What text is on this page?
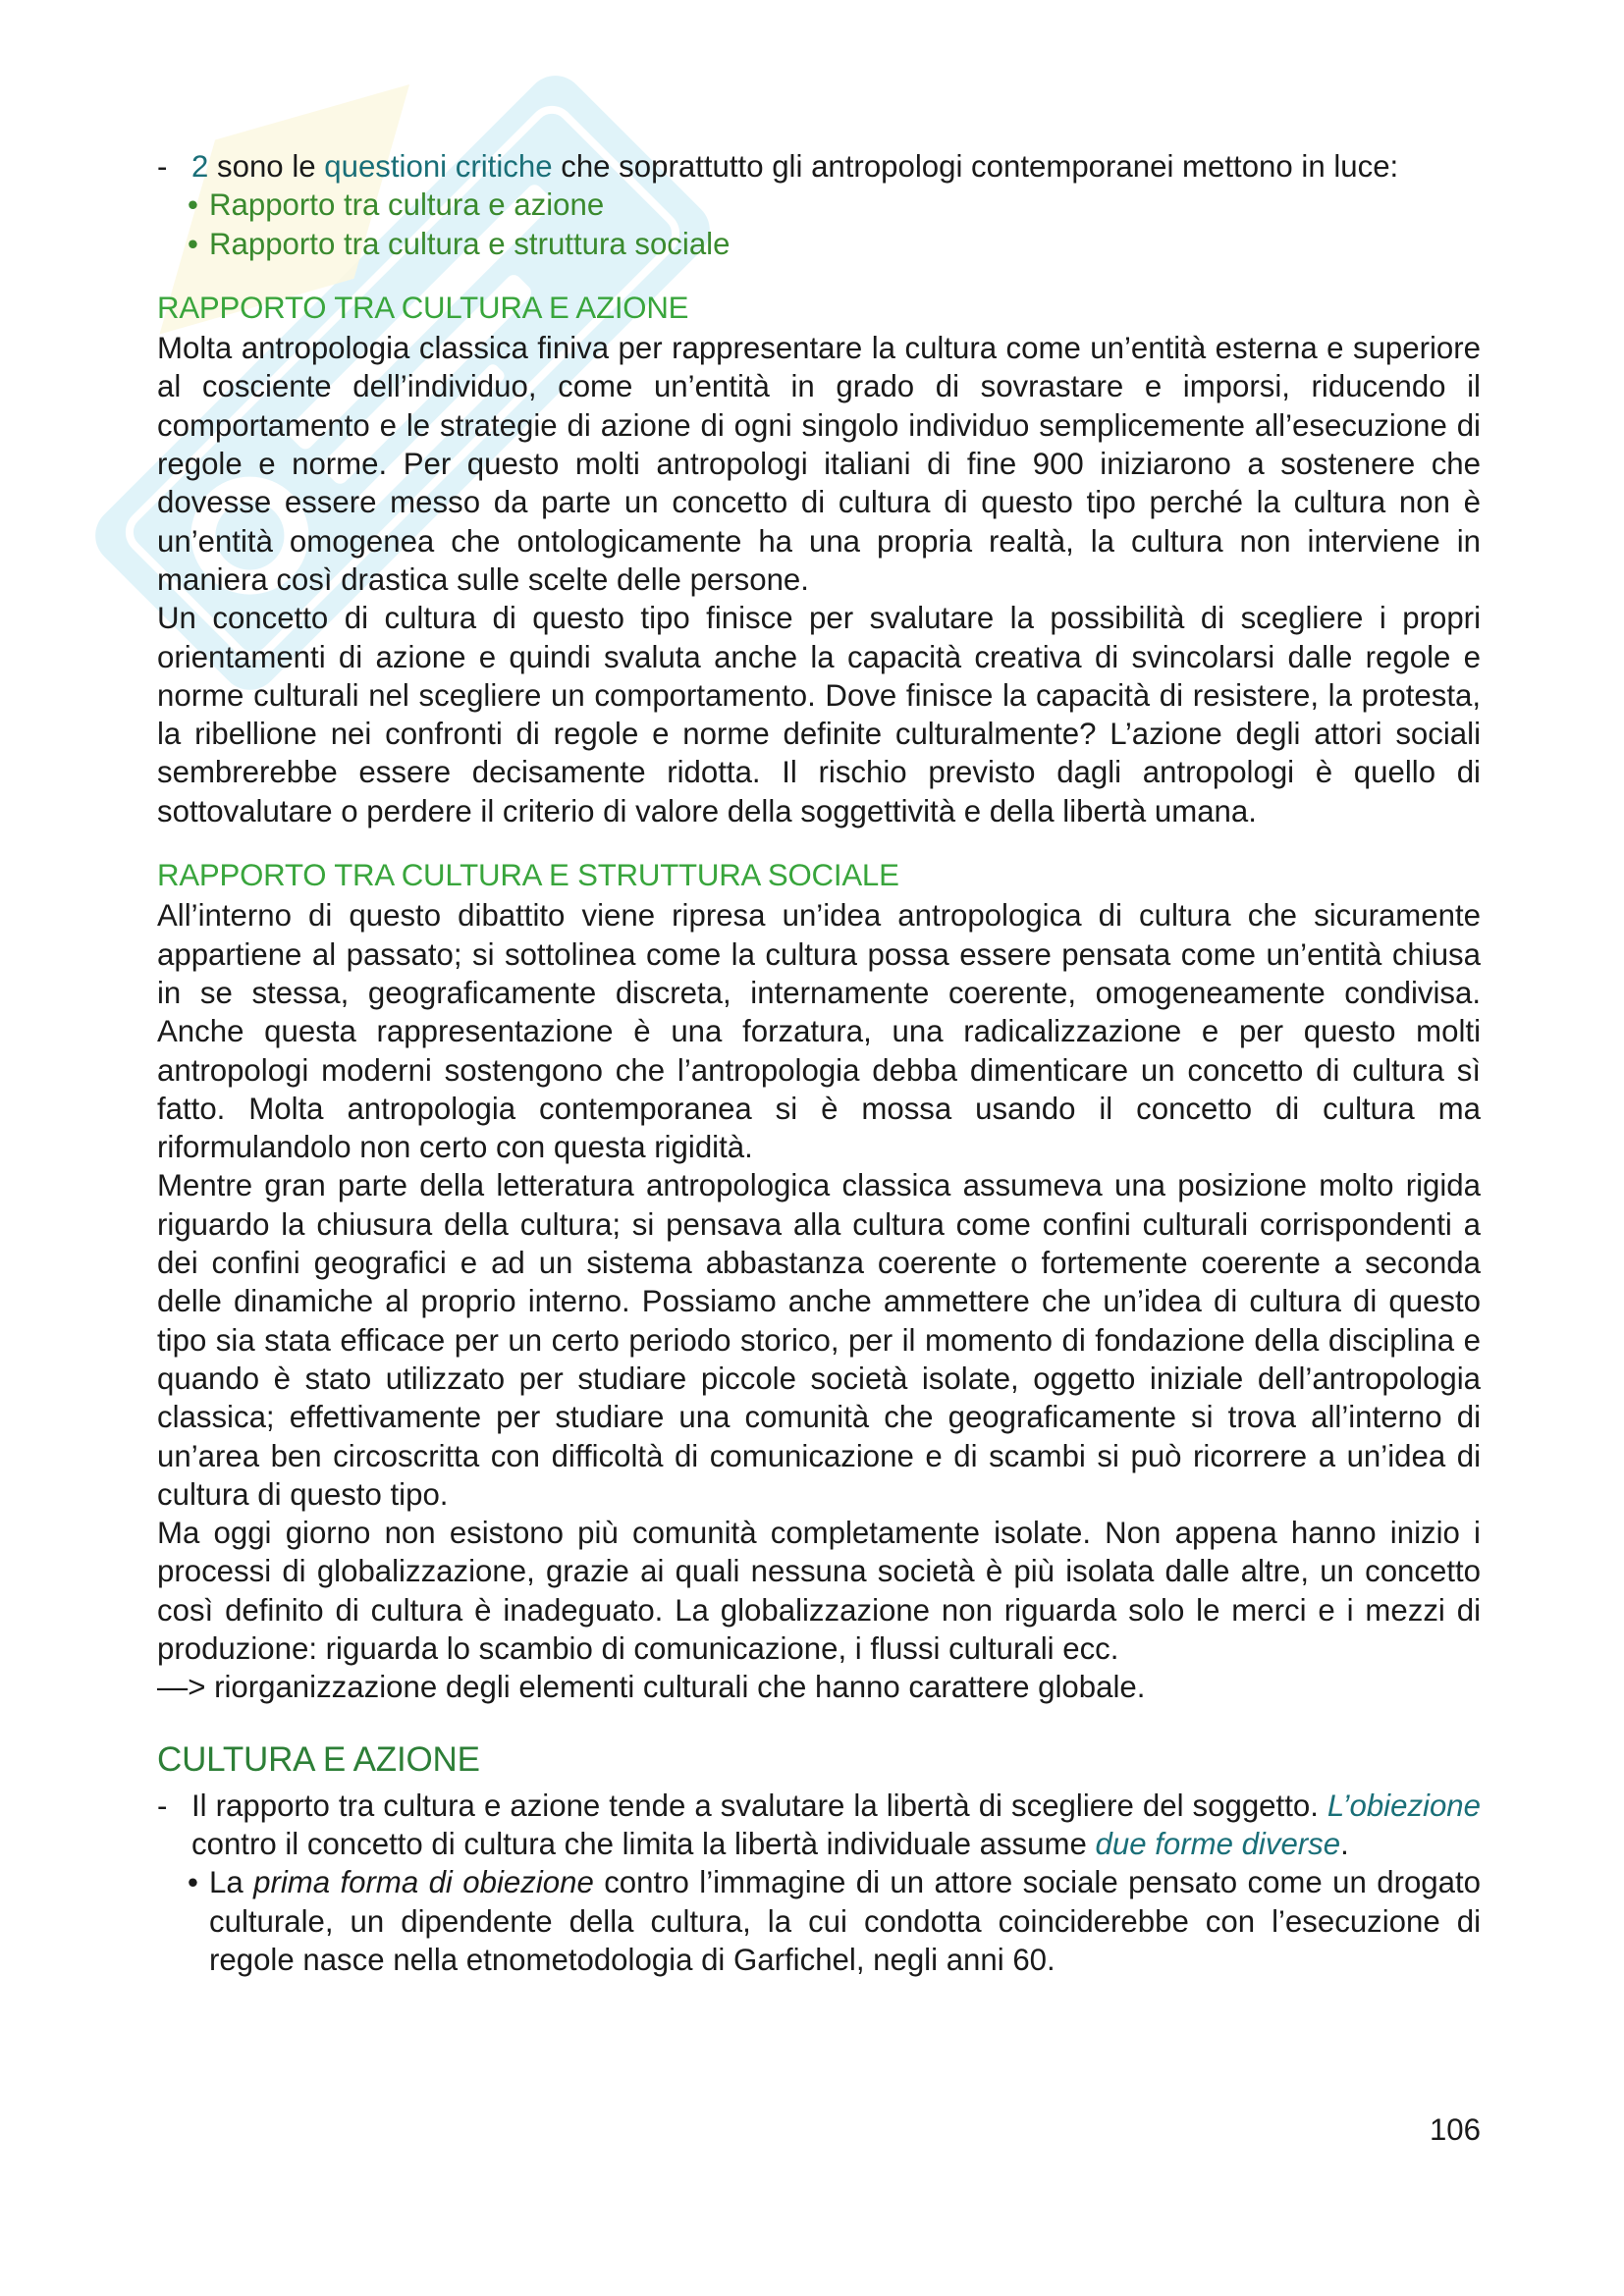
- 2 sono le questioni critiche che soprattutto gli antropologi contemporanei mettono in luce:
• Rapporto tra cultura e azione
• Rapporto tra cultura e struttura sociale
RAPPORTO TRA CULTURA E AZIONE

Molta antropologia classica finiva per rappresentare la cultura come un’entità esterna e superiore al cosciente dell’individuo, come un’entità in grado di sovrastare e imporsi, riducendo il comportamento e le strategie di azione di ogni singolo individuo semplicemente all’esecuzione di regole e norme. Per questo molti antropologi italiani di fine 900 iniziarono a sostenere che dovesse essere messo da parte un concetto di cultura di questo tipo perché la cultura non è un’entità omogenea che ontologicamente ha una propria realtà, la cultura non interviene in maniera così drastica sulle scelte delle persone.

Un concetto di cultura di questo tipo finisce per svalutare la possibilità di scegliere i propri orientamenti di azione e quindi svaluta anche la capacità creativa di svincolarsi dalle regole e norme culturali nel scegliere un comportamento. Dove finisce la capacità di resistere, la protesta, la ribellione nei confronti di regole e norme definite culturalmente? L’azione degli attori sociali sembrerebbe essere decisamente ridotta. Il rischio previsto dagli antropologi è quello di sottovalutare o perdere il criterio di valore della soggettività e della libertà umana.

RAPPORTO TRA CULTURA E STRUTTURA SOCIALE

All’interno di questo dibattito viene ripresa un’idea antropologica di cultura che sicuramente appartiene al passato; si sottolinea come la cultura possa essere pensata come un’entità chiusa in se stessa, geograficamente discreta, internamente coerente, omogeneamente condivisa. Anche questa rappresentazione è una forzatura, una radicalizzazione e per questo molti antropologi moderni sostengono che l’antropologia debba dimenticare un concetto di cultura sì fatto. Molta antropologia contemporanea si è mossa usando il concetto di cultura ma riformulandolo non certo con questa rigidità.

Mentre gran parte della letteratura antropologica classica assumeva una posizione molto rigida riguardo la chiusura della cultura; si pensava alla cultura come confini culturali corrispondenti a dei confini geografici e ad un sistema abbastanza coerente o fortemente coerente a seconda delle dinamiche al proprio interno. Possiamo anche ammettere che un’idea di cultura di questo tipo sia stata efficace per un certo periodo storico, per il momento di fondazione della disciplina e quando è stato utilizzato per studiare piccole società isolate, oggetto iniziale dell’antropologia classica; effettivamente per studiare una comunità che geograficamente si trova all’interno di un’area ben circoscritta con difficoltà di comunicazione e di scambi si può ricorrere a un’idea di cultura di questo tipo.

Ma oggi giorno non esistono più comunità completamente isolate. Non appena hanno inizio i processi di globalizzazione, grazie ai quali nessuna società è più isolata dalle altre, un concetto così definito di cultura è inadeguato. La globalizzazione non riguarda solo le merci e i mezzi di produzione: riguarda lo scambio di comunicazione, i flussi culturali ecc.

—> riorganizzazione degli elementi culturali che hanno carattere globale.

CULTURA E AZIONE
- Il rapporto tra cultura e azione tende a svalutare la libertà di scegliere del soggetto. L’obiezione contro il concetto di cultura che limita la libertà individuale assume due forme diverse.
• La prima forma di obiezione contro l’immagine di un attore sociale pensato come un drogato culturale, un dipendente della cultura, la cui condotta coinciderebbe con l’esecuzione di regole nasce nella etnometodologia di Garfichel, negli anni 60.
106
